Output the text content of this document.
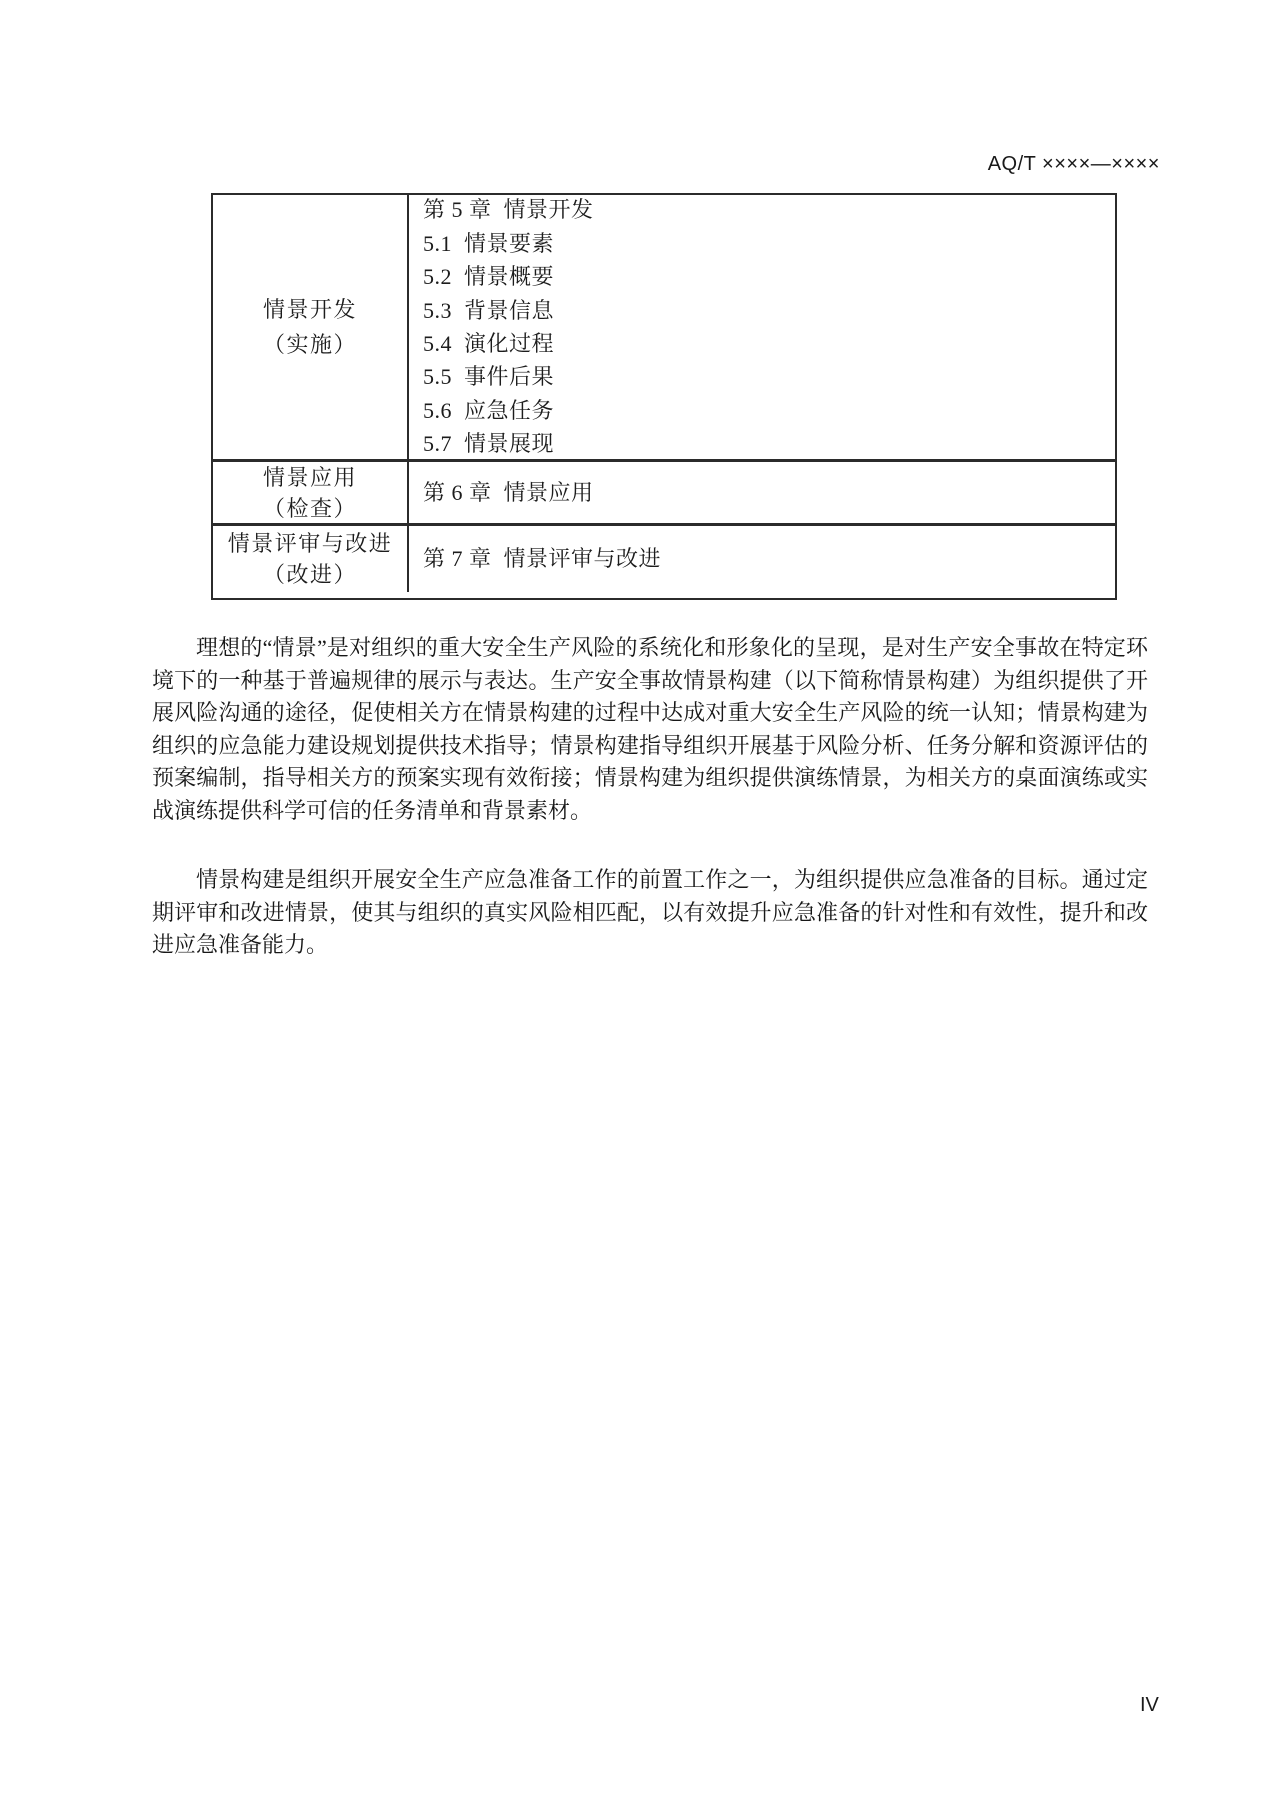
AQ/T ××××—××××
情景开发
（实施）
第 5 章  情景开发
5.1  情景要素
5.2  情景概要
5.3  背景信息
5.4  演化过程
5.5  事件后果
5.6  应急任务
5.7  情景展现
情景应用
（检查）
第 6 章  情景应用
情景评审与改进
（改进）
第 7 章  情景评审与改进

理想的“情景”是对组织的重大安全生产风险的系统化和形象化的呈现，是对生产安全事故在特定环境下的一种基于普遍规律的展示与表达。生产安全事故情景构建（以下简称情景构建）为组织提供了开展风险沟通的途径，促使相关方在情景构建的过程中达成对重大安全生产风险的统一认知；情景构建为组织的应急能力建设规划提供技术指导；情景构建指导组织开展基于风险分析、任务分解和资源评估的预案编制，指导相关方的预案实现有效衔接；情景构建为组织提供演练情景，为相关方的桌面演练或实战演练提供科学可信的任务清单和背景素材。

情景构建是组织开展安全生产应急准备工作的前置工作之一，为组织提供应急准备的目标。通过定期评审和改进情景，使其与组织的真实风险相匹配，以有效提升应急准备的针对性和有效性，提升和改进应急准备能力。

IV
